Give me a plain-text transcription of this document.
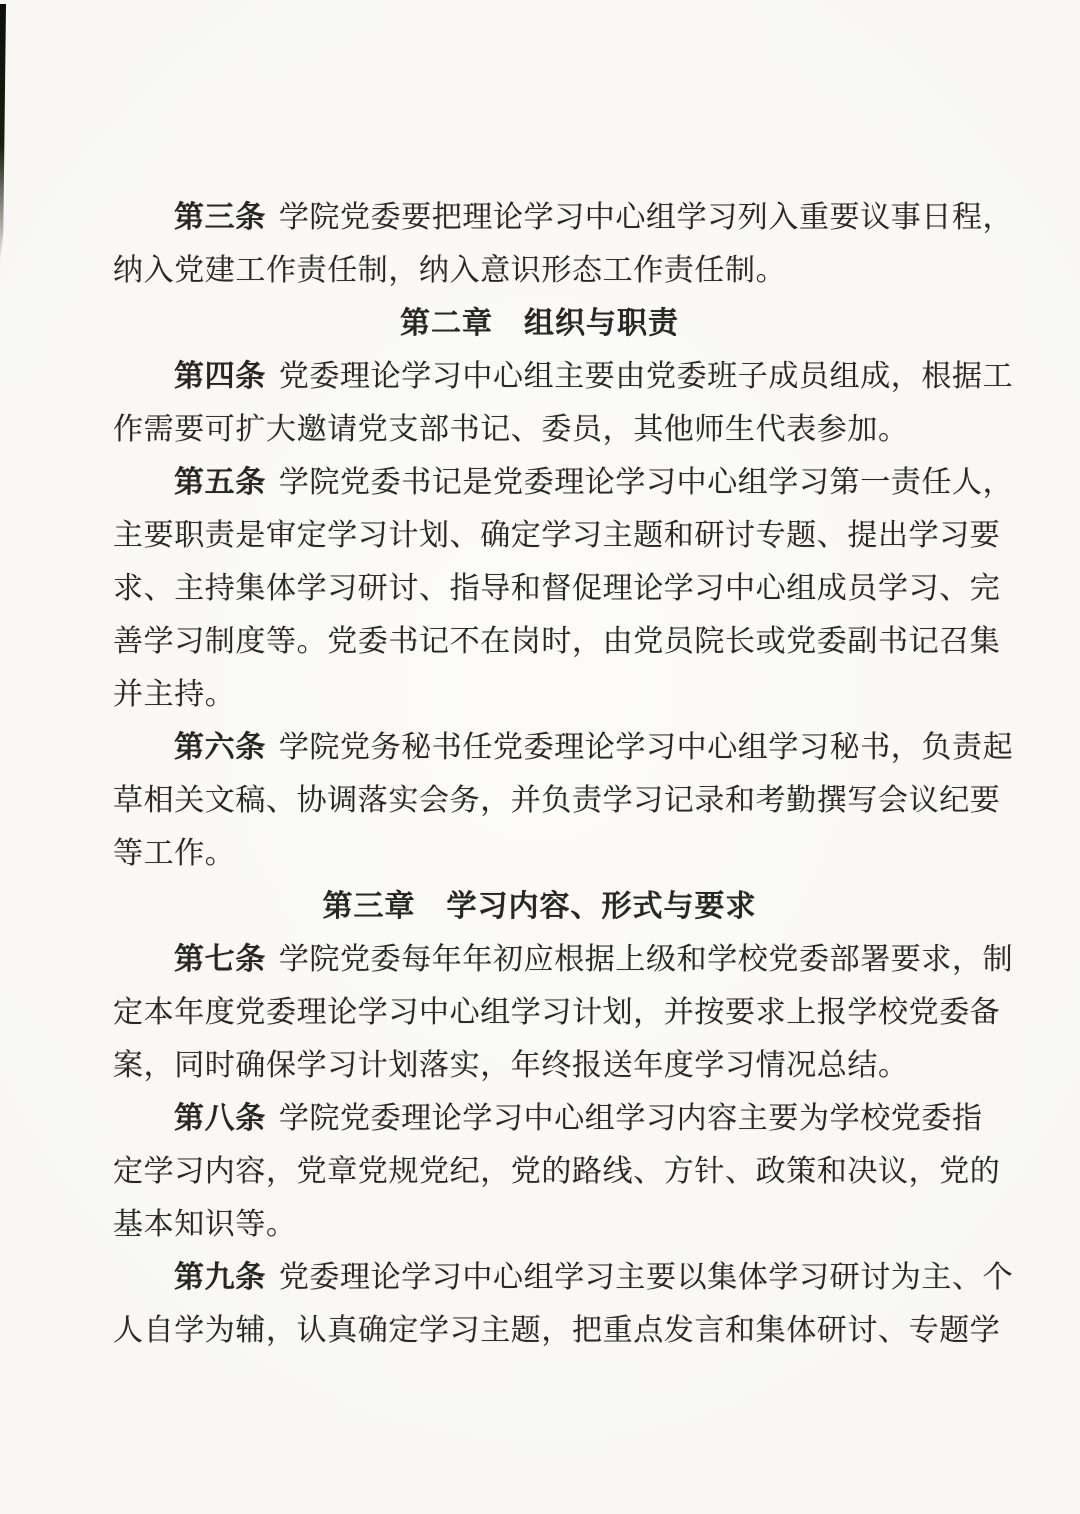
第三条 学院党委要把理论学习中心组学习列入重要议事日程，
纳入党建工作责任制，纳入意识形态工作责任制。
第二章　组织与职责
第四条 党委理论学习中心组主要由党委班子成员组成，根据工
作需要可扩大邀请党支部书记、委员，其他师生代表参加。
第五条 学院党委书记是党委理论学习中心组学习第一责任人，
主要职责是审定学习计划、确定学习主题和研讨专题、提出学习要
求、主持集体学习研讨、指导和督促理论学习中心组成员学习、完
善学习制度等。党委书记不在岗时，由党员院长或党委副书记召集
并主持。
第六条 学院党务秘书任党委理论学习中心组学习秘书，负责起
草相关文稿、协调落实会务，并负责学习记录和考勤撰写会议纪要
等工作。
第三章　学习内容、形式与要求
第七条 学院党委每年年初应根据上级和学校党委部署要求，制
定本年度党委理论学习中心组学习计划，并按要求上报学校党委备
案，同时确保学习计划落实，年终报送年度学习情况总结。
第八条 学院党委理论学习中心组学习内容主要为学校党委指
定学习内容，党章党规党纪，党的路线、方针、政策和决议，党的
基本知识等。
第九条 党委理论学习中心组学习主要以集体学习研讨为主、个
人自学为辅，认真确定学习主题，把重点发言和集体研讨、专题学
